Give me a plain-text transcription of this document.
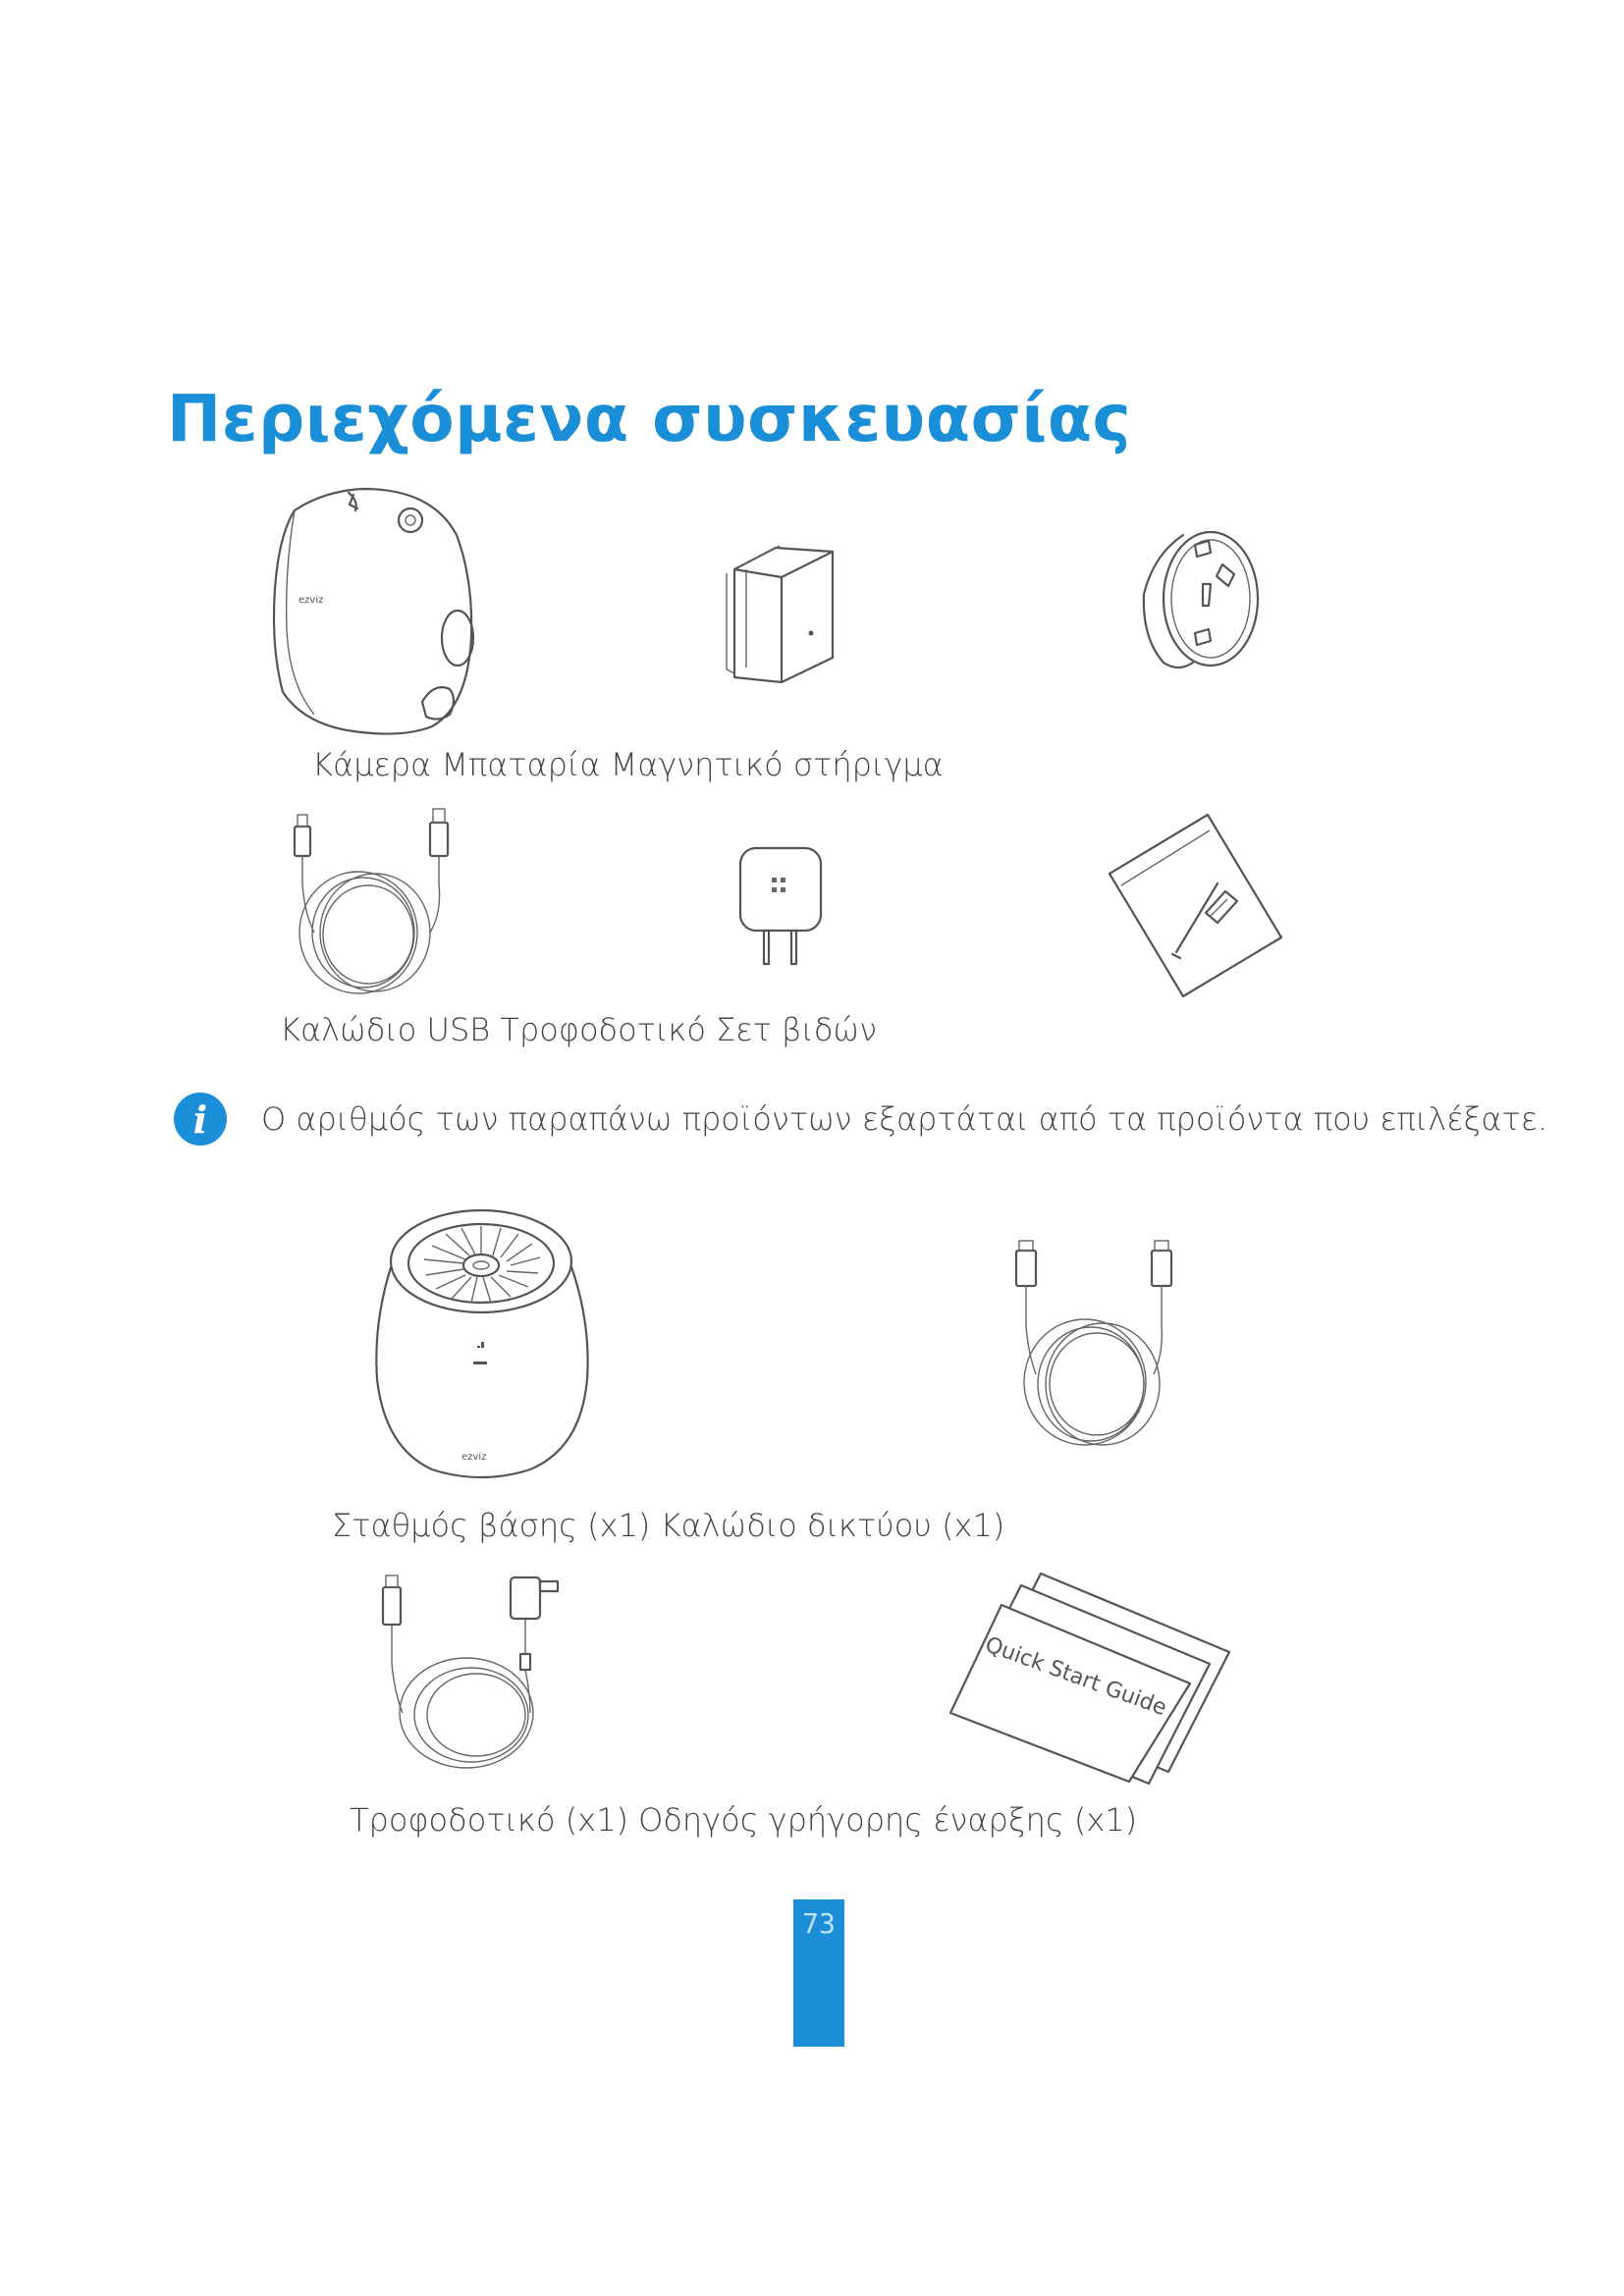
Περιεχόμενα συσκευασίας
ezviz
Κάμερα Μπαταρία Μαγνητικό στήριγμα
Καλώδιο USB Τροφοδοτικό Σετ βιδών
i Ο αριθμός των παραπάνω προϊόντων εξαρτάται από τα προϊόντα που επιλέξατε.
ezviz
Σταθμός βάσης (x1) Καλώδιο δικτύου (x1)
Quick Start Guide
Τροφοδοτικό (x1) Οδηγός γρήγορης έναρξης (x1)
73
